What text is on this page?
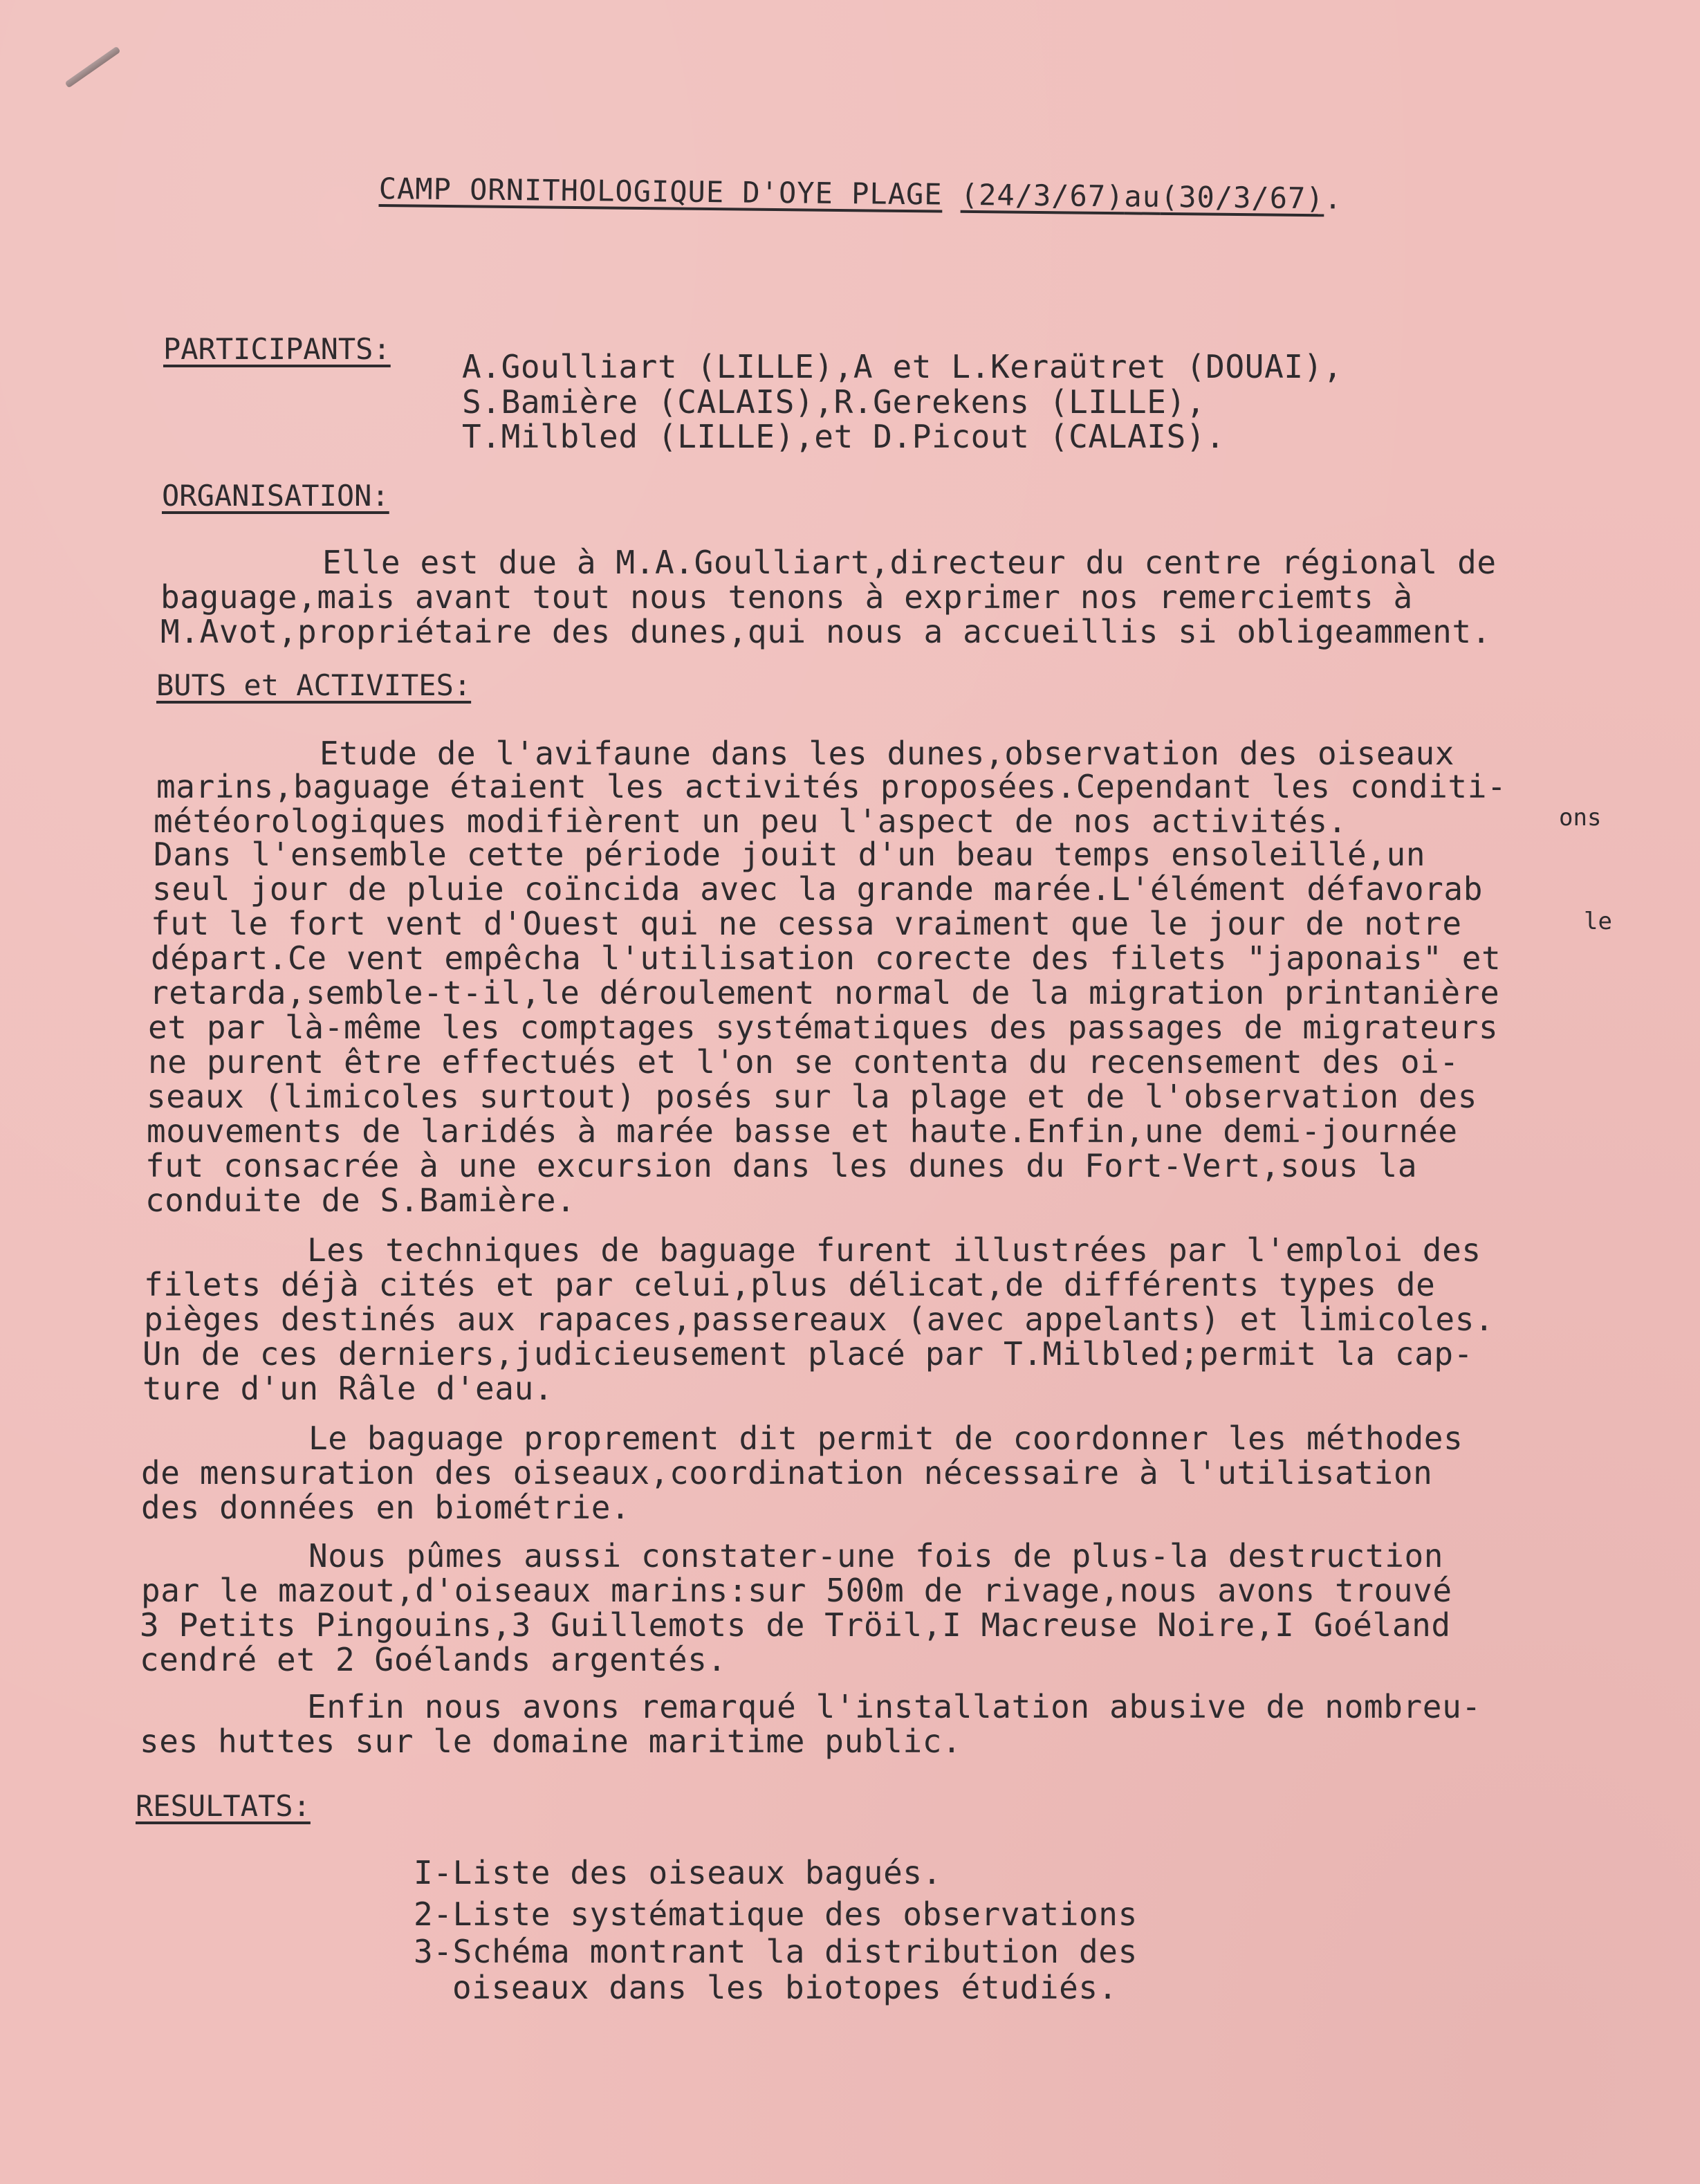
CAMP ORNITHOLOGIQUE D'OYE PLAGE (24/3/67)au(30/3/67).
PARTICIPANTS: A.Goulliart (LILLE),A et L.Keraütret (DOUAI),
S.Bamière (CALAIS),R.Gerekens (LILLE),
T.Milbled (LILLE),et D.Picout (CALAIS).
ORGANISATION:
Elle est due à M.A.Goulliart,directeur du centre régional de
baguage,mais avant tout nous tenons à exprimer nos remerciemts à
M.Avot,propriétaire des dunes,qui nous a accueillis si obligeamment.
BUTS et ACTIVITES:
Etude de l'avifaune dans les dunes,observation des oiseaux
marins,baguage étaient les activités proposées.Cependant les conditi-
ons
météorologiques modifièrent un peu l'aspect de nos activités.
Dans l'ensemble cette période jouit d'un beau temps ensoleillé,un
seul jour de pluie coïncida avec la grande marée.L'élément défavorab
le
fut le fort vent d'Ouest qui ne cessa vraiment que le jour de notre
départ.Ce vent empêcha l'utilisation corecte des filets "japonais" et
retarda,semble-t-il,le déroulement normal de la migration printanière
et par là-même les comptages systématiques des passages de migrateurs
ne purent être effectués et l'on se contenta du recensement des oi-
seaux (limicoles surtout) posés sur la plage et de l'observation des
mouvements de laridés à marée basse et haute.Enfin,une demi-journée
fut consacrée à une excursion dans les dunes du Fort-Vert,sous la
conduite de S.Bamière.
Les techniques de baguage furent illustrées par l'emploi des
filets déjà cités et par celui,plus délicat,de différents types de
pièges destinés aux rapaces,passereaux (avec appelants) et limicoles.
Un de ces derniers,judicieusement placé par T.Milbled;permit la cap-
ture d'un Râle d'eau.
Le baguage proprement dit permit de coordonner les méthodes
de mensuration des oiseaux,coordination nécessaire à l'utilisation
des données en biométrie.
Nous pûmes aussi constater-une fois de plus-la destruction
par le mazout,d'oiseaux marins:sur 500m de rivage,nous avons trouvé
3 Petits Pingouins,3 Guillemots de Tröil,I Macreuse Noire,I Goéland
cendré et 2 Goélands argentés.
Enfin nous avons remarqué l'installation abusive de nombreu-
ses huttes sur le domaine maritime public.
RESULTATS:
I-Liste des oiseaux bagués.
2-Liste systématique des observations
3-Schéma montrant la distribution des
oiseaux dans les biotopes étudiés.
